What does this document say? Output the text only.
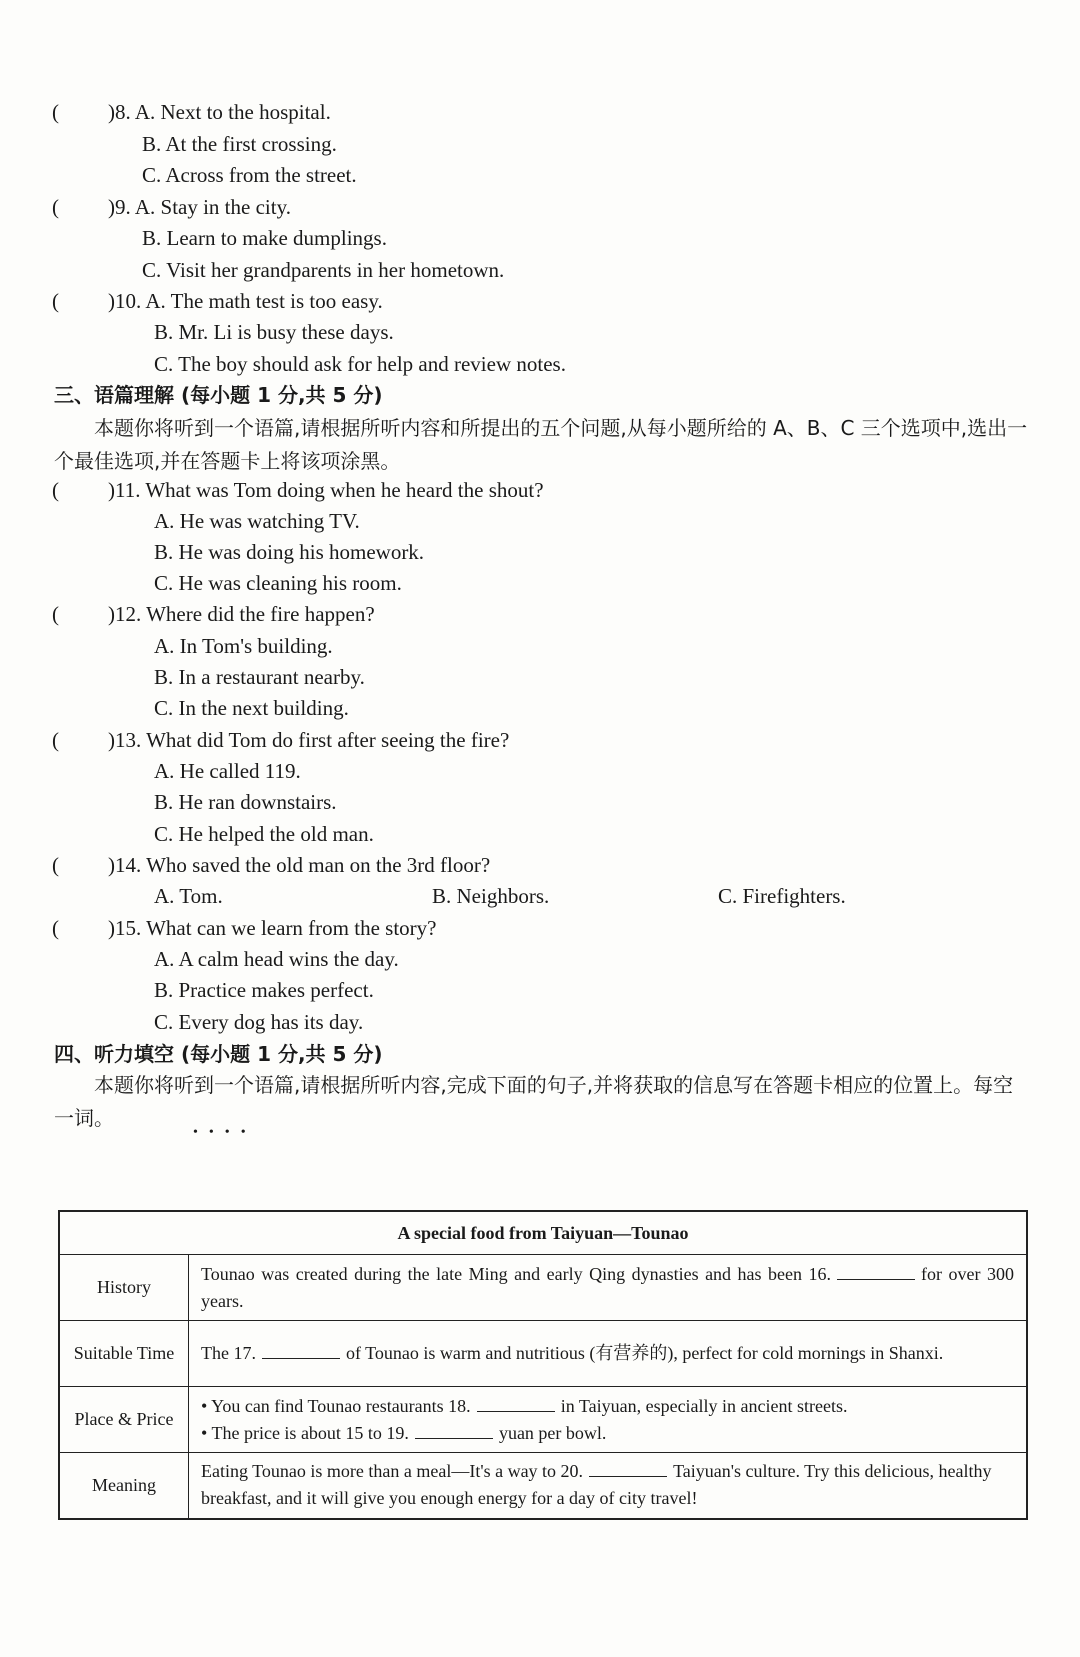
( )8. A. Next to the hospital.
B. At the first crossing.
C. Across from the street.
( )9. A. Stay in the city.
B. Learn to make dumplings.
C. Visit her grandparents in her hometown.
( )10. A. The math test is too easy.
B. Mr. Li is busy these days.
C. The boy should ask for help and review notes.
三、语篇理解 (每小题 1 分,共 5 分)
本题你将听到一个语篇,请根据所听内容和所提出的五个问题,从每小题所给的 A、B、C 三个选项中,选出一个最佳选项,并在答题卡上将该项涂黑。
( )11. What was Tom doing when he heard the shout?
A. He was watching TV.
B. He was doing his homework.
C. He was cleaning his room.
( )12. Where did the fire happen?
A. In Tom's building.
B. In a restaurant nearby.
C. In the next building.
( )13. What did Tom do first after seeing the fire?
A. He called 119.
B. He ran downstairs.
C. He helped the old man.
( )14. Who saved the old man on the 3rd floor?
A. Tom.	B. Neighbors.	C. Firefighters.
( )15. What can we learn from the story?
A. A calm head wins the day.
B. Practice makes perfect.
C. Every dog has its day.
四、听力填空 (每小题 1 分,共 5 分)
本题你将听到一个语篇,请根据所听内容,完成下面的句子,并将获取的信息写在答题卡相应的位置上。每空一词。
••••
A special food from Taiyuan—Tounao	
History	Tounao was created during the late Ming and early Qing dynasties and has been 16. for over 300 years.

Suitable Time	The 17. of Tounao is warm and nutritious (有营养的), perfect for cold mornings in Shanxi.

Place & Price	• You can find Tounao restaurants 18. in Taiyuan, especially in ancient streets.
• The price is about 15 to 19. yuan per bowl.

Meaning	Eating Tounao is more than a meal—It's a way to 20. Taiyuan's culture. Try this delicious, healthy breakfast, and it will give you enough energy for a day of city travel!
